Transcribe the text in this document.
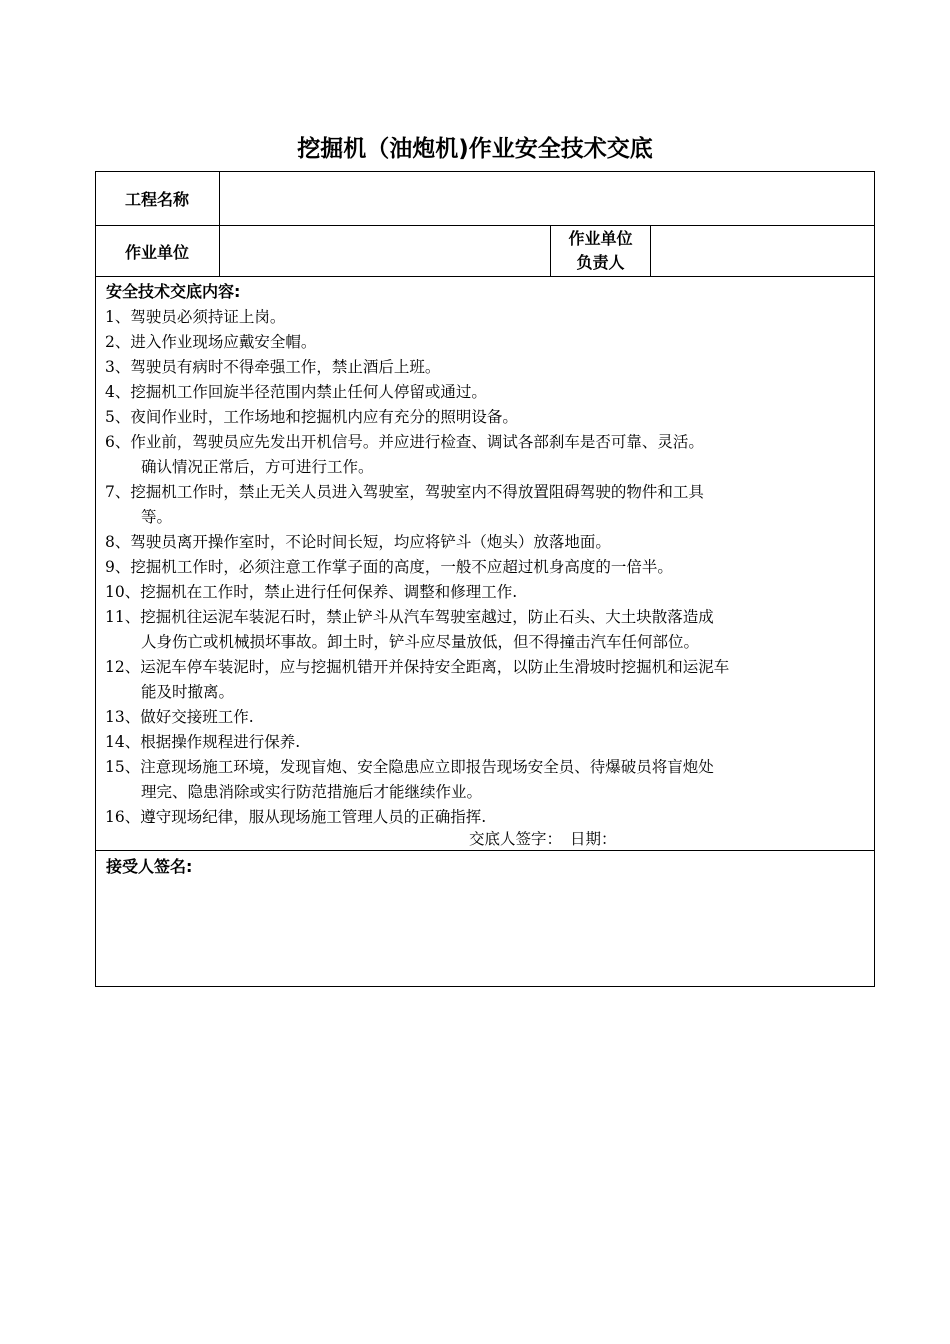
挖掘机（油炮机)作业安全技术交底
工程名称
作业单位
作业单位
负责人
安全技术交底内容:
1、驾驶员必须持证上岗。
2、进入作业现场应戴安全帽。
3、驾驶员有病时不得牵强工作，禁止酒后上班。
4、挖掘机工作回旋半径范围内禁止任何人停留或通过。
5、夜间作业时，工作场地和挖掘机内应有充分的照明设备。
6、作业前，驾驶员应先发出开机信号。并应进行检查、调试各部刹车是否可靠、灵活。
确认情况正常后，方可进行工作。
7、挖掘机工作时，禁止无关人员进入驾驶室，驾驶室内不得放置阻碍驾驶的物件和工具
等。
8、驾驶员离开操作室时，不论时间长短，均应将铲斗（炮头）放落地面。
9、挖掘机工作时，必须注意工作掌子面的高度，一般不应超过机身高度的一倍半。
10、挖掘机在工作时，禁止进行任何保养、调整和修理工作.
11、挖掘机往运泥车装泥石时，禁止铲斗从汽车驾驶室越过，防止石头、大土块散落造成
人身伤亡或机械损坏事故。卸土时，铲斗应尽量放低，但不得撞击汽车任何部位。
12、运泥车停车装泥时，应与挖掘机错开并保持安全距离，以防止生滑坡时挖掘机和运泥车
能及时撤离。
13、做好交接班工作.
14、根据操作规程进行保养.
15、注意现场施工环境，发现盲炮、安全隐患应立即报告现场安全员、待爆破员将盲炮处
理完、隐患消除或实行防范措施后才能继续作业。
16、遵守现场纪律，服从现场施工管理人员的正确指挥.
交底人签字： 日期：
接受人签名:
